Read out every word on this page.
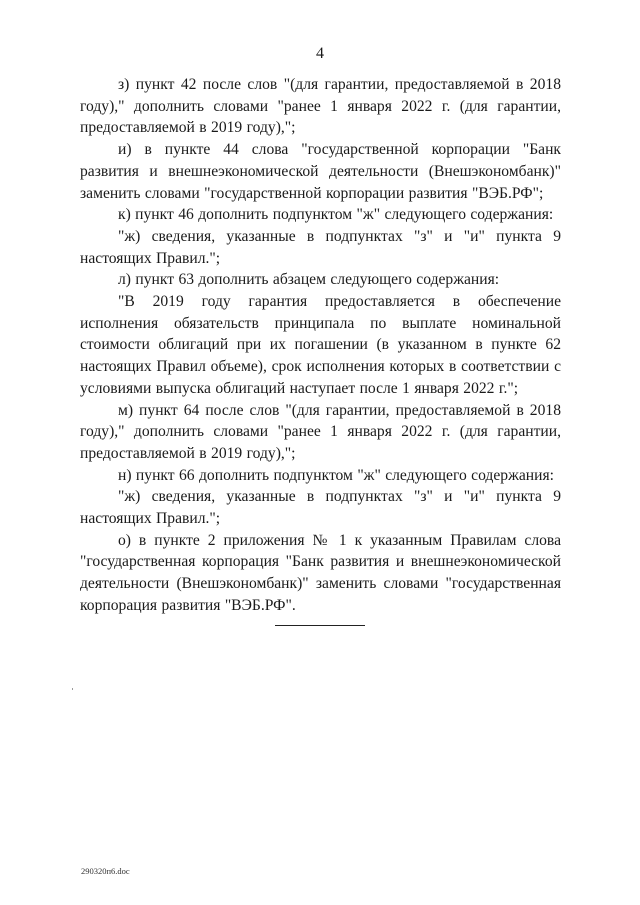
4

з) пункт 42 после слов "(для гарантии, предоставляемой в 2018 году)," дополнить словами "ранее 1 января 2022 г. (для гарантии, предоставляемой в 2019 году),";

и) в пункте 44 слова "государственной корпорации "Банк развития и внешнеэкономической деятельности (Внешэкономбанк)" заменить словами "государственной корпорации развития "ВЭБ.РФ";

к) пункт 46 дополнить подпунктом "ж" следующего содержания:

"ж) сведения, указанные в подпунктах "з" и "и" пункта 9 настоящих Правил.";

л) пункт 63 дополнить абзацем следующего содержания:

"В 2019 году гарантия предоставляется в обеспечение исполнения обязательств принципала по выплате номинальной стоимости облигаций при их погашении (в указанном в пункте 62 настоящих Правил объеме), срок исполнения которых в соответствии с условиями выпуска облигаций наступает после 1 января 2022 г.";

м) пункт 64 после слов "(для гарантии, предоставляемой в 2018 году)," дополнить словами "ранее 1 января 2022 г. (для гарантии, предоставляемой в 2019 году),";

н) пункт 66 дополнить подпунктом "ж" следующего содержания:

"ж) сведения, указанные в подпунктах "з" и "и" пункта 9 настоящих Правил.";

о) в пункте 2 приложения № 1 к указанным Правилам слова "государственная корпорация "Банк развития и внешнеэкономической деятельности (Внешэкономбанк)" заменить словами "государственная корпорация развития "ВЭБ.РФ".

290320п6.doc
